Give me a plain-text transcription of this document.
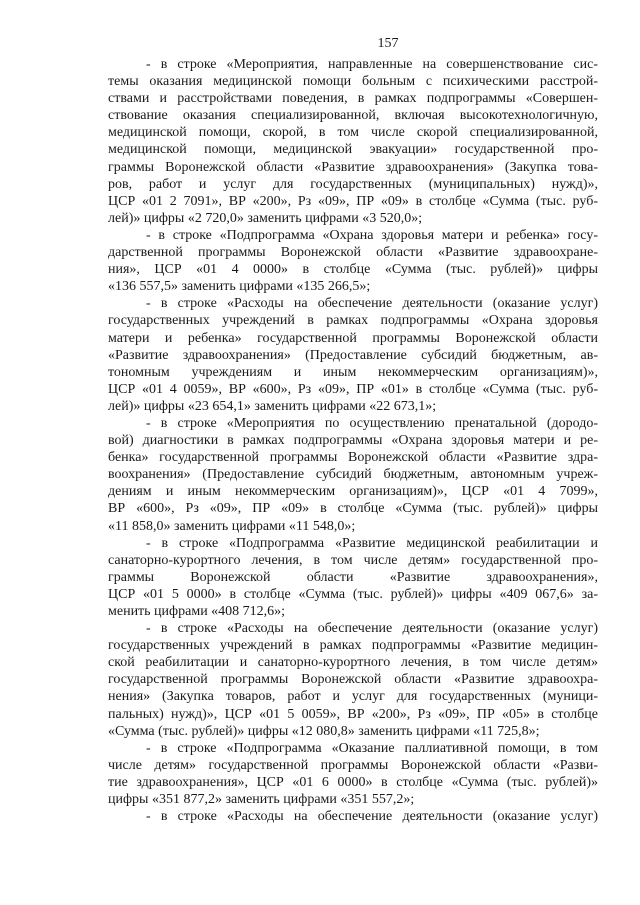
157

- в строке «Мероприятия, направленные на совершенствование сис-
темы оказания медицинской помощи больным с психическими расстрой-
ствами и расстройствами поведения, в рамках подпрограммы «Совершен-
ствование оказания специализированной, включая высокотехнологичную,
медицинской помощи, скорой, в том числе скорой специализированной,
медицинской помощи, медицинской эвакуации» государственной про-
граммы Воронежской области «Развитие здравоохранения» (Закупка това-
ров, работ и услуг для государственных (муниципальных) нужд)»,
ЦСР «01 2 7091», ВР «200», Рз «09», ПР «09» в столбце «Сумма (тыс. руб-
лей)» цифры «2 720,0» заменить цифрами «3 520,0»;

- в строке «Подпрограмма «Охрана здоровья матери и ребенка» госу-
дарственной программы Воронежской области «Развитие здравоохране-
ния», ЦСР «01 4 0000» в столбце «Сумма (тыс. рублей)» цифры
«136 557,5» заменить цифрами «135 266,5»;

- в строке «Расходы на обеспечение деятельности (оказание услуг)
государственных учреждений в рамках подпрограммы «Охрана здоровья
матери и ребенка» государственной программы Воронежской области
«Развитие здравоохранения» (Предоставление субсидий бюджетным, ав-
тономным учреждениям и иным некоммерческим организациям)»,
ЦСР «01 4 0059», ВР «600», Рз «09», ПР «01» в столбце «Сумма (тыс. руб-
лей)» цифры «23 654,1» заменить цифрами «22 673,1»;

- в строке «Мероприятия по осуществлению пренатальной (дородо-
вой) диагностики в рамках подпрограммы «Охрана здоровья матери и ре-
бенка» государственной программы Воронежской области «Развитие здра-
воохранения» (Предоставление субсидий бюджетным, автономным учреж-
дениям и иным некоммерческим организациям)», ЦСР «01 4 7099»,
ВР «600», Рз «09», ПР «09» в столбце «Сумма (тыс. рублей)» цифры
«11 858,0» заменить цифрами «11 548,0»;

- в строке «Подпрограмма «Развитие медицинской реабилитации и
санаторно-курортного лечения, в том числе детям» государственной про-
граммы Воронежской области «Развитие здравоохранения»,
ЦСР «01 5 0000» в столбце «Сумма (тыс. рублей)» цифры «409 067,6» за-
менить цифрами «408 712,6»;

- в строке «Расходы на обеспечение деятельности (оказание услуг)
государственных учреждений в рамках подпрограммы «Развитие медицин-
ской реабилитации и санаторно-курортного лечения, в том числе детям»
государственной программы Воронежской области «Развитие здравоохра-
нения» (Закупка товаров, работ и услуг для государственных (муници-
пальных) нужд)», ЦСР «01 5 0059», ВР «200», Рз «09», ПР «05» в столбце
«Сумма (тыс. рублей)» цифры «12 080,8» заменить цифрами «11 725,8»;

- в строке «Подпрограмма «Оказание паллиативной помощи, в том
числе детям» государственной программы Воронежской области «Разви-
тие здравоохранения», ЦСР «01 6 0000» в столбце «Сумма (тыс. рублей)»
цифры «351 877,2» заменить цифрами «351 557,2»;

- в строке «Расходы на обеспечение деятельности (оказание услуг)
